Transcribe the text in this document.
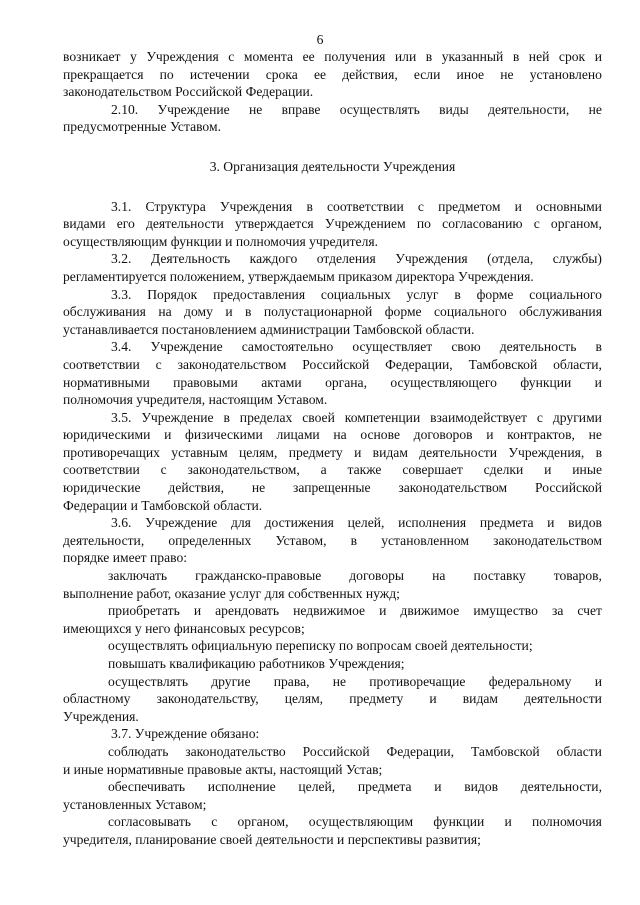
6
возникает у Учреждения с момента ее получения или в указанный в ней срок и
прекращается по истечении срока ее действия, если иное не установлено
законодательством Российской Федерации.
2.10. Учреждение не вправе осуществлять виды деятельности, не
предусмотренные Уставом.
3. Организация деятельности Учреждения
3.1. Структура Учреждения в соответствии с предметом и основными
видами его деятельности утверждается Учреждением по согласованию с органом,
осуществляющим функции и полномочия учредителя.
3.2. Деятельность каждого отделения Учреждения (отдела, службы)
регламентируется положением, утверждаемым приказом директора Учреждения.
3.3. Порядок предоставления социальных услуг в форме социального
обслуживания на дому и в полустационарной форме социального обслуживания
устанавливается постановлением администрации Тамбовской области.
3.4. Учреждение самостоятельно осуществляет свою деятельность в
соответствии с законодательством Российской Федерации, Тамбовской области,
нормативными правовыми актами органа, осуществляющего функции и
полномочия учредителя, настоящим Уставом.
3.5. Учреждение в пределах своей компетенции взаимодействует с другими
юридическими и физическими лицами на основе договоров и контрактов, не
противоречащих уставным целям, предмету и видам деятельности Учреждения, в
соответствии с законодательством, а также совершает сделки и иные
юридические действия, не запрещенные законодательством Российской
Федерации и Тамбовской области.
3.6. Учреждение для достижения целей, исполнения предмета и видов
деятельности, определенных Уставом, в установленном законодательством
порядке имеет право:
заключать гражданско-правовые договоры на поставку товаров,
выполнение работ, оказание услуг для собственных нужд;
приобретать и арендовать недвижимое и движимое имущество за счет
имеющихся у него финансовых ресурсов;
осуществлять официальную переписку по вопросам своей деятельности;
повышать квалификацию работников Учреждения;
осуществлять другие права, не противоречащие федеральному и
областному законодательству, целям, предмету и видам деятельности
Учреждения.
3.7. Учреждение обязано:
соблюдать законодательство Российской Федерации, Тамбовской области
и иные нормативные правовые акты, настоящий Устав;
обеспечивать исполнение целей, предмета и видов деятельности,
установленных Уставом;
согласовывать с органом, осуществляющим функции и полномочия
учредителя, планирование своей деятельности и перспективы развития;
